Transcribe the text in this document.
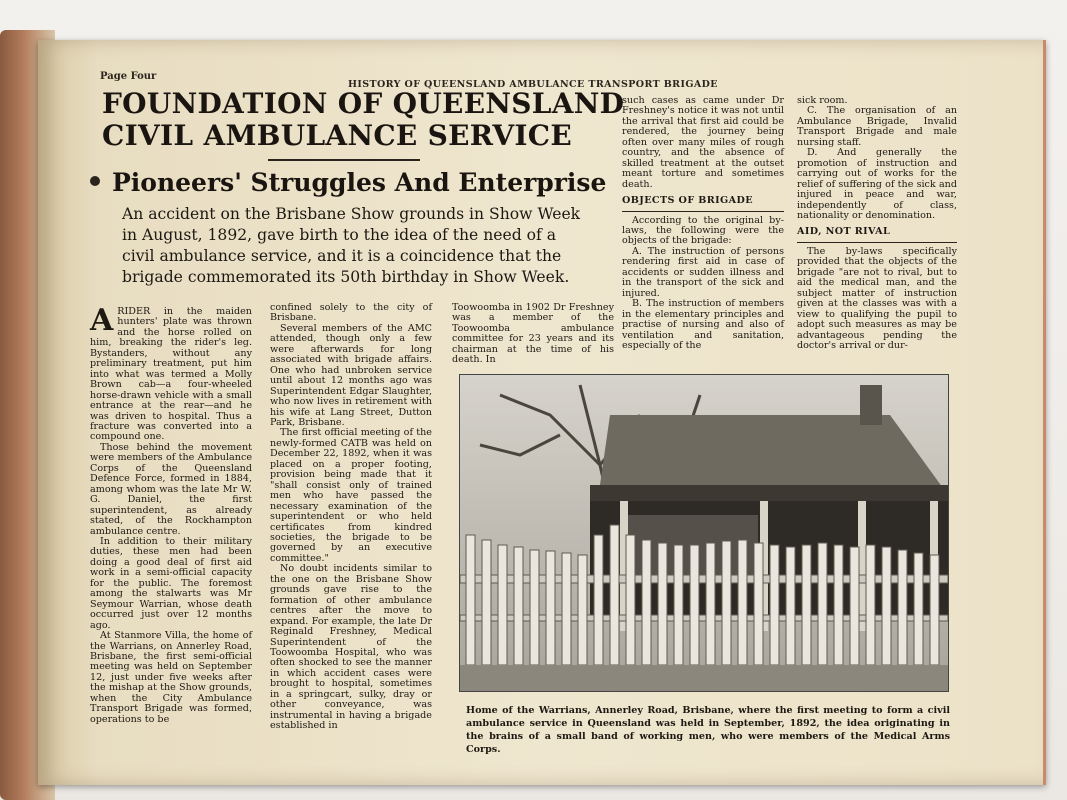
Page Four
HISTORY OF QUEENSLAND AMBULANCE TRANSPORT BRIGADE
FOUNDATION OF QUEENSLAND
CIVIL AMBULANCE SERVICE
Pioneers' Struggles And Enterprise

An accident on the Brisbane Show grounds in Show Week in August, 1892, gave birth to the idea of the need of a civil ambulance service, and it is a coincidence that the brigade commemorated its 50th birthday in Show Week.

ARIDER in the maiden hunters' plate was thrown and the horse rolled on him, breaking the rider's leg. Bystanders, without any preliminary treatment, put him into what was termed a Molly Brown cab—a four-wheeled horse-drawn vehicle with a small entrance at the rear—and he was driven to hospital. Thus a fracture was converted into a compound one.

Those behind the movement were members of the Ambulance Corps of the Queensland Defence Force, formed in 1884, among whom was the late Mr W. G. Daniel, the first superintendent, as already stated, of the Rockhampton ambulance centre.

In addition to their military duties, these men had been doing a good deal of first aid work in a semi-official capacity for the public. The foremost among the stalwarts was Mr Seymour Warrian, whose death occurred just over 12 months ago.

At Stanmore Villa, the home of the Warrians, on Annerley Road, Brisbane, the first semi-official meeting was held on September 12, just under five weeks after the mishap at the Show grounds, when the City Ambulance Transport Brigade was formed, operations to be

confined solely to the city of Brisbane.

Several members of the AMC attended, though only a few were afterwards for long associated with brigade affairs. One who had unbroken service until about 12 months ago was Superintendent Edgar Slaughter, who now lives in retirement with his wife at Lang Street, Dutton Park, Brisbane.

The first official meeting of the newly-formed CATB was held on December 22, 1892, when it was placed on a proper footing, provision being made that it "shall consist only of trained men who have passed the necessary examination of the superintendent or who held certificates from kindred societies, the brigade to be governed by an executive committee."

No doubt incidents similar to the one on the Brisbane Show grounds gave rise to the formation of other ambulance centres after the move to expand. For example, the late Dr Reginald Freshney, Medical Superintendent of the Toowoomba Hospital, who was often shocked to see the manner in which accident cases were brought to hospital, sometimes in a springcart, sulky, dray or other conveyance, was instrumental in having a brigade established in

Toowoomba in 1902 Dr Freshney was a member of the Toowoomba ambulance committee for 23 years and its chairman at the time of his death. In

such cases as came under Dr Freshney's notice it was not until the arrival that first aid could be rendered, the journey being often over many miles of rough country, and the absence of skilled treatment at the outset meant torture and sometimes death.

OBJECTS OF BRIGADE

According to the original by-laws, the following were the objects of the brigade:

A. The instruction of persons rendering first aid in case of accidents or sudden illness and in the transport of the sick and injured.

B. The instruction of members in the elementary principles and practise of nursing and also of ventilation and sanitation, especially of the

sick room.

C. The organisation of an Ambulance Brigade, Invalid Transport Brigade and male nursing staff.

D. And generally the promotion of instruction and carrying out of works for the relief of suffering of the sick and injured in peace and war, independently of class, nationality or denomination.

AID, NOT RIVAL

The by-laws specifically provided that the objects of the brigade "are not to rival, but to aid the medical man, and the subject matter of instruction given at the classes was with a view to qualifying the pupil to adopt such measures as may be advantageous pending the doctor's arrival or dur-

Home of the Warrians, Annerley Road, Brisbane, where the first meeting to form a civil ambulance service in Queensland was held in September, 1892, the idea originating in the brains of a small band of working men, who were members of the Medical Arms Corps.
